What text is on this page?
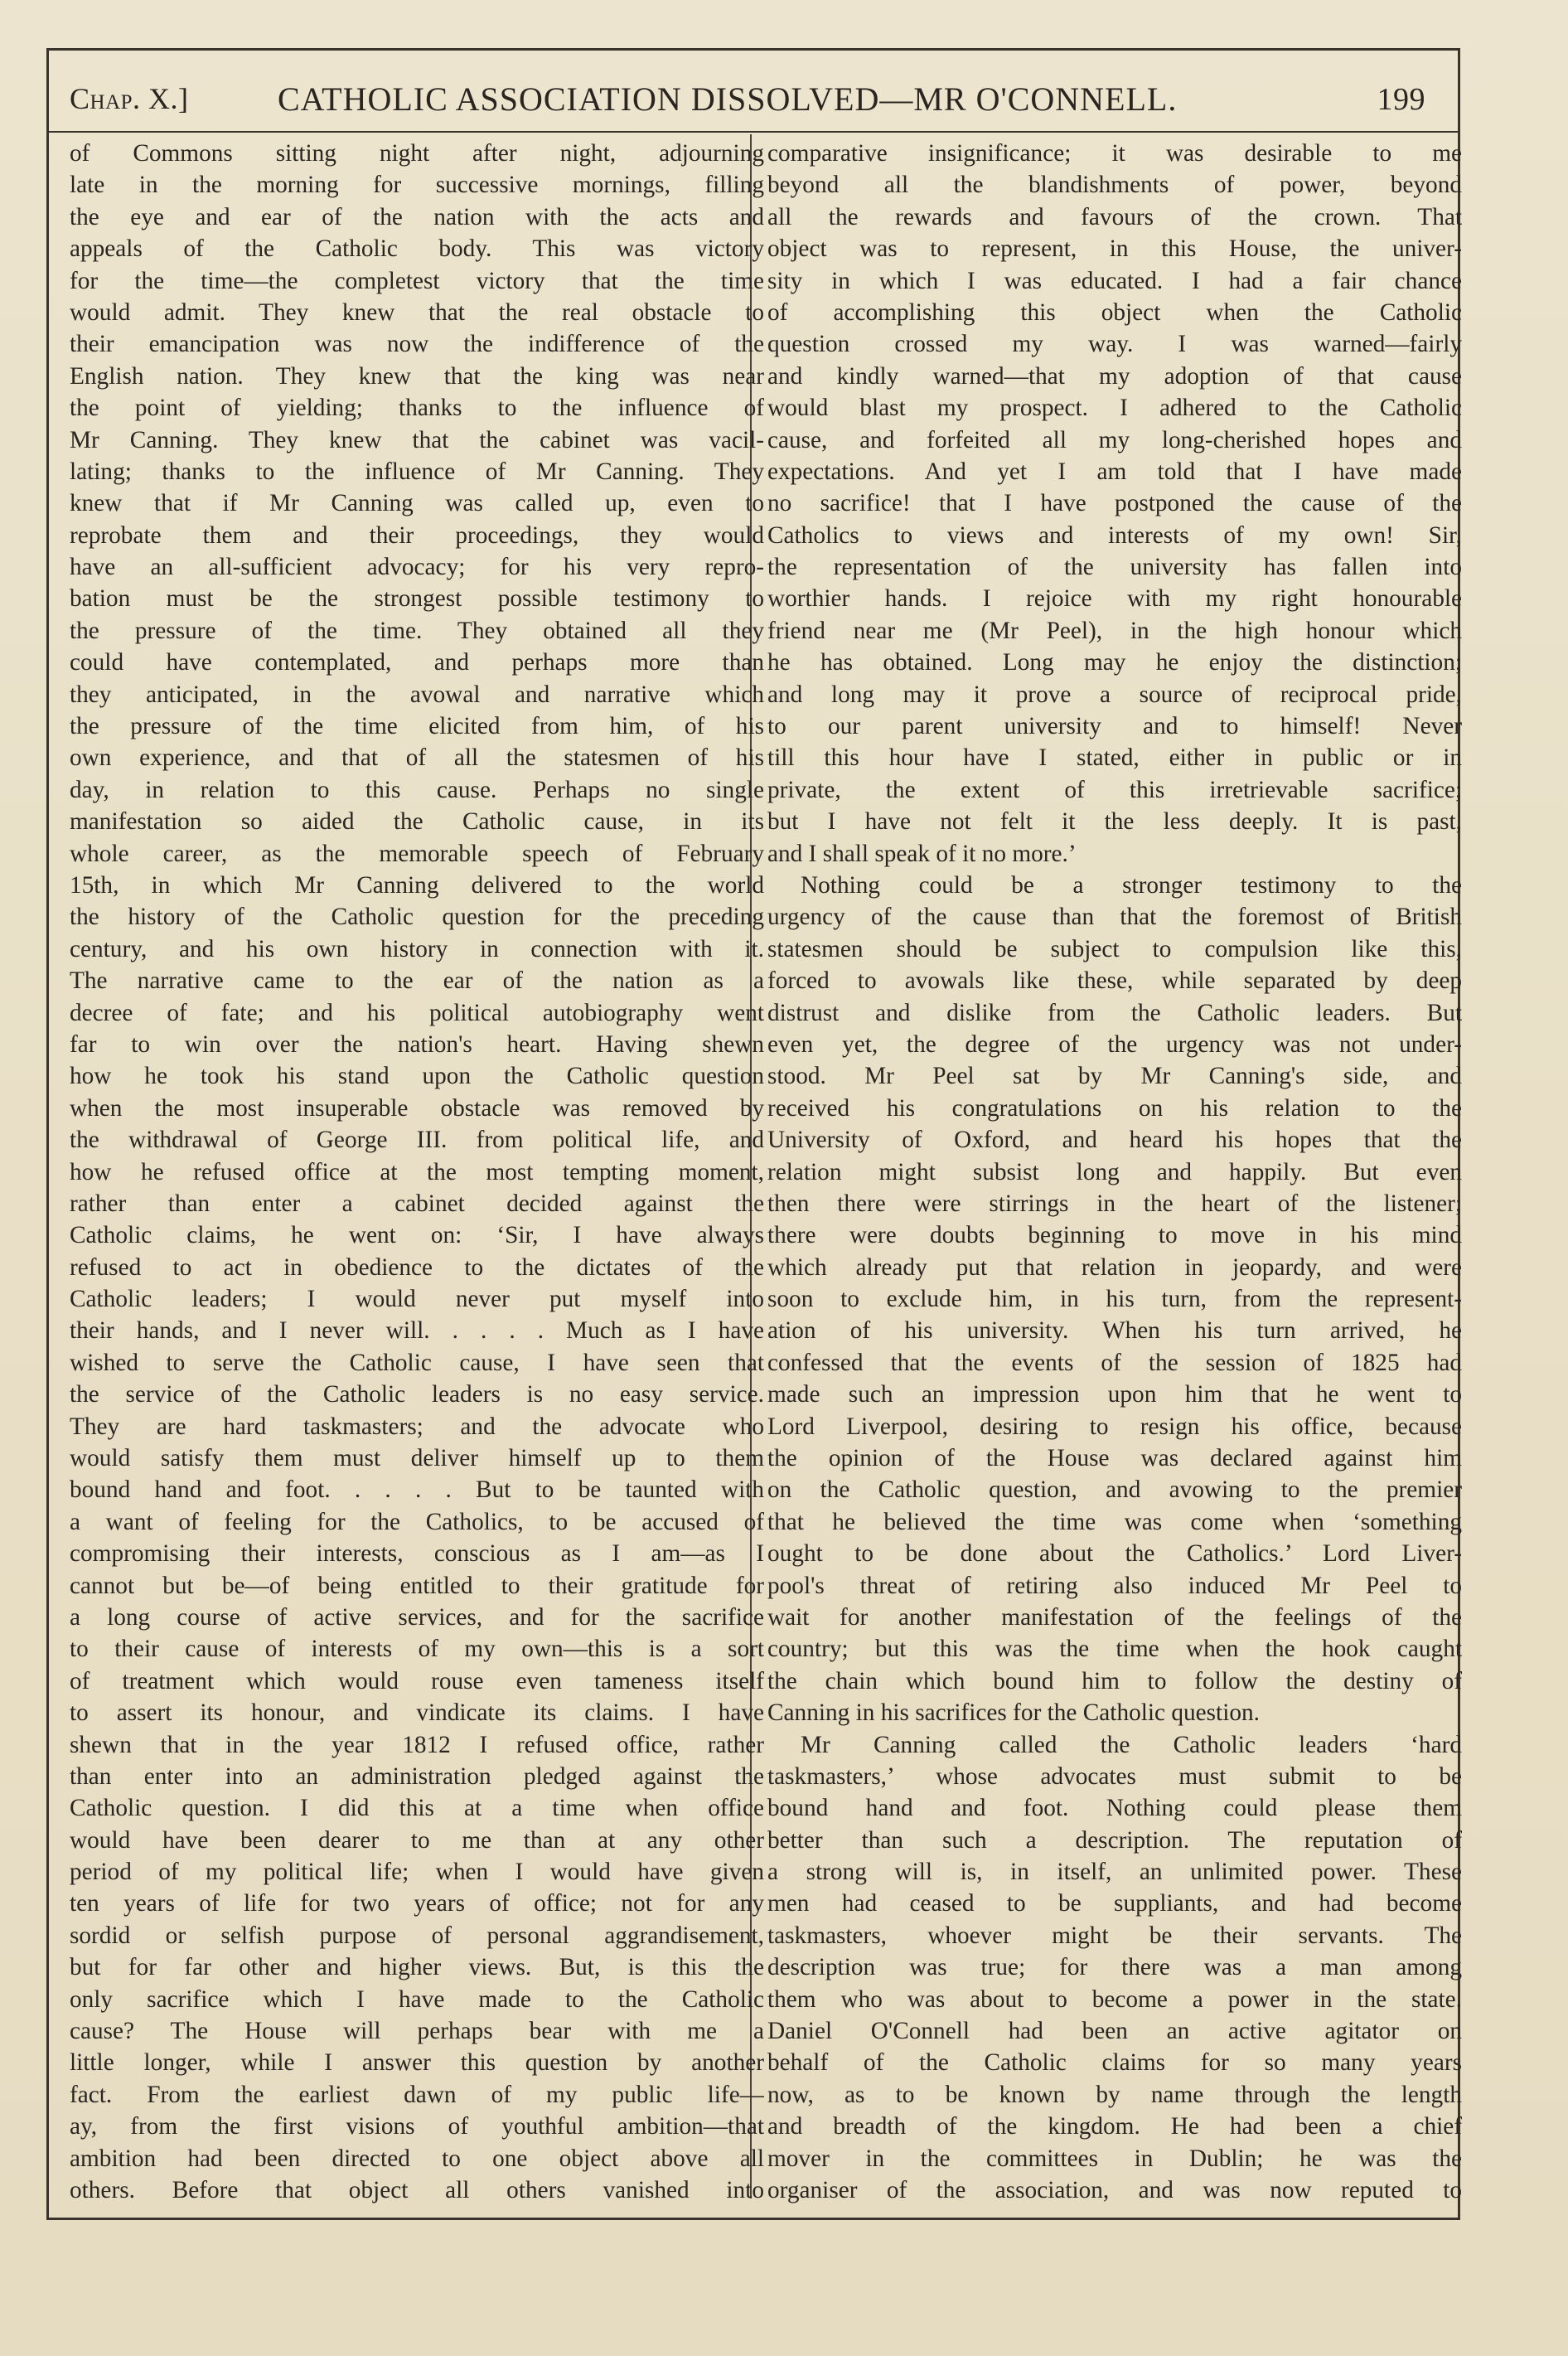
Chap. X.]	CATHOLIC ASSOCIATION DISSOLVED—MR O'CONNELL.	199
of Commons sitting night after night, adjourning
late in the morning for successive mornings, filling
the eye and ear of the nation with the acts and
appeals of the Catholic body. This was victory
for the time—the completest victory that the time
would admit. They knew that the real obstacle to
their emancipation was now the indifference of the
English nation. They knew that the king was near
the point of yielding; thanks to the influence of
Mr Canning. They knew that the cabinet was vacil-
lating; thanks to the influence of Mr Canning. They
knew that if Mr Canning was called up, even to
reprobate them and their proceedings, they would
have an all-sufficient advocacy; for his very repro-
bation must be the strongest possible testimony to
the pressure of the time. They obtained all they
could have contemplated, and perhaps more than
they anticipated, in the avowal and narrative which
the pressure of the time elicited from him, of his
own experience, and that of all the statesmen of his
day, in relation to this cause. Perhaps no single
manifestation so aided the Catholic cause, in its
whole career, as the memorable speech of February
15th, in which Mr Canning delivered to the world
the history of the Catholic question for the preceding
century, and his own history in connection with it.
The narrative came to the ear of the nation as a
decree of fate; and his political autobiography went
far to win over the nation's heart. Having shewn
how he took his stand upon the Catholic question
when the most insuperable obstacle was removed by
the withdrawal of George III. from political life, and
how he refused office at the most tempting moment,
rather than enter a cabinet decided against the
Catholic claims, he went on: ‘Sir, I have always
refused to act in obedience to the dictates of the
Catholic leaders; I would never put myself into
their hands, and I never will. . . . . Much as I have
wished to serve the Catholic cause, I have seen that
the service of the Catholic leaders is no easy service.
They are hard taskmasters; and the advocate who
would satisfy them must deliver himself up to them
bound hand and foot. . . . . But to be taunted with
a want of feeling for the Catholics, to be accused of
compromising their interests, conscious as I am—as I
cannot but be—of being entitled to their gratitude for
a long course of active services, and for the sacrifice
to their cause of interests of my own—this is a sort
of treatment which would rouse even tameness itself
to assert its honour, and vindicate its claims. I have
shewn that in the year 1812 I refused office, rather
than enter into an administration pledged against the
Catholic question. I did this at a time when office
would have been dearer to me than at any other
period of my political life; when I would have given
ten years of life for two years of office; not for any
sordid or selfish purpose of personal aggrandisement,
but for far other and higher views. But, is this the
only sacrifice which I have made to the Catholic
cause? The House will perhaps bear with me a
little longer, while I answer this question by another
fact. From the earliest dawn of my public life—
ay, from the first visions of youthful ambition—that
ambition had been directed to one object above all
others. Before that object all others vanished into
comparative insignificance; it was desirable to me
beyond all the blandishments of power, beyond
all the rewards and favours of the crown. That
object was to represent, in this House, the univer-
sity in which I was educated. I had a fair chance
of accomplishing this object when the Catholic
question crossed my way. I was warned—fairly
and kindly warned—that my adoption of that cause
would blast my prospect. I adhered to the Catholic
cause, and forfeited all my long-cherished hopes and
expectations. And yet I am told that I have made
no sacrifice! that I have postponed the cause of the
Catholics to views and interests of my own! Sir,
the representation of the university has fallen into
worthier hands. I rejoice with my right honourable
friend near me (Mr Peel), in the high honour which
he has obtained. Long may he enjoy the distinction;
and long may it prove a source of reciprocal pride,
to our parent university and to himself! Never
till this hour have I stated, either in public or in
private, the extent of this irretrievable sacrifice;
but I have not felt it the less deeply. It is past,
and I shall speak of it no more.’
Nothing could be a stronger testimony to the
urgency of the cause than that the foremost of British
statesmen should be subject to compulsion like this,
forced to avowals like these, while separated by deep
distrust and dislike from the Catholic leaders. But
even yet, the degree of the urgency was not under-
stood. Mr Peel sat by Mr Canning's side, and
received his congratulations on his relation to the
University of Oxford, and heard his hopes that the
relation might subsist long and happily. But even
then there were stirrings in the heart of the listener;
there were doubts beginning to move in his mind
which already put that relation in jeopardy, and were
soon to exclude him, in his turn, from the represent-
ation of his university. When his turn arrived, he
confessed that the events of the session of 1825 had
made such an impression upon him that he went to
Lord Liverpool, desiring to resign his office, because
the opinion of the House was declared against him
on the Catholic question, and avowing to the premier
that he believed the time was come when ‘something
ought to be done about the Catholics.’ Lord Liver-
pool's threat of retiring also induced Mr Peel to
wait for another manifestation of the feelings of the
country; but this was the time when the hook caught
the chain which bound him to follow the destiny of
Canning in his sacrifices for the Catholic question.
Mr Canning called the Catholic leaders ‘hard
taskmasters,’ whose advocates must submit to be
bound hand and foot. Nothing could please them
better than such a description. The reputation of
a strong will is, in itself, an unlimited power. These
men had ceased to be suppliants, and had become
taskmasters, whoever might be their servants. The
description was true; for there was a man among
them who was about to become a power in the state.
Daniel O'Connell had been an active agitator on
behalf of the Catholic claims for so many years
now, as to be known by name through the length
and breadth of the kingdom. He had been a chief
mover in the committees in Dublin; he was the
organiser of the association, and was now reputed to
